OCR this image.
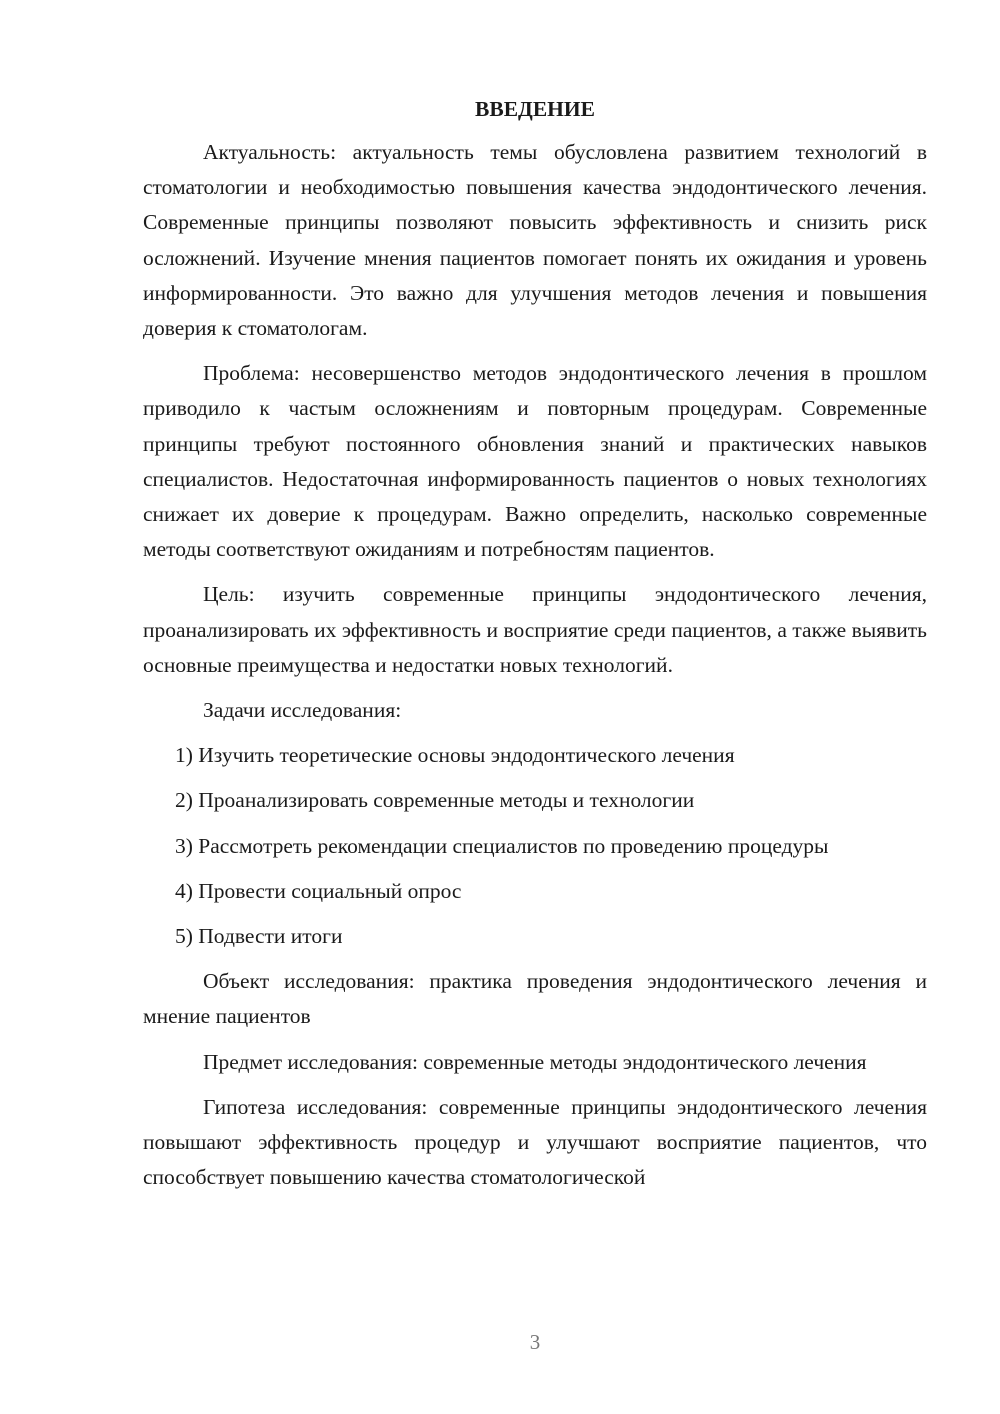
ВВЕДЕНИЕ

Актуальность: актуальность темы обусловлена развитием технологий в стоматологии и необходимостью повышения качества эндодонтического лечения. Современные принципы позволяют повысить эффективность и снизить риск осложнений. Изучение мнения пациентов помогает понять их ожидания и уровень информированности. Это важно для улучшения методов лечения и повышения доверия к стоматологам.

Проблема: несовершенство методов эндодонтического лечения в прошлом приводило к частым осложнениям и повторным процедурам. Современные принципы требуют постоянного обновления знаний и практических навыков специалистов. Недостаточная информированность пациентов о новых технологиях снижает их доверие к процедурам. Важно определить, насколько современные методы соответствуют ожиданиям и потребностям пациентов.

Цель: изучить современные принципы эндодонтического лечения, проанализировать их эффективность и восприятие среди пациентов, а также выявить основные преимущества и недостатки новых технологий.

Задачи исследования:

1) Изучить теоретические основы эндодонтического лечения

2) Проанализировать современные методы и технологии

3) Рассмотреть рекомендации специалистов по проведению процедуры

4) Провести социальный опрос

5) Подвести итоги

Объект исследования: практика проведения эндодонтического лечения и мнение пациентов

Предмет исследования: современные методы эндодонтического лечения

Гипотеза исследования: современные принципы эндодонтического лечения повышают эффективность процедур и улучшают восприятие пациентов, что способствует повышению качества стоматологической

3
